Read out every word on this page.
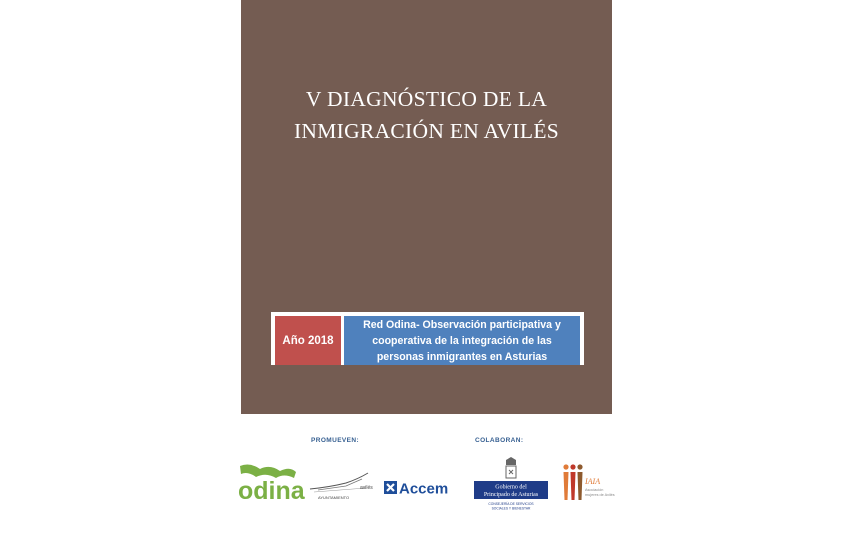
V DIAGNÓSTICO DE LA
INMIGRACIÓN EN AVILÉS
Año 2018
Red Odina- Observación participativa y
cooperativa de la integración de las
personas inmigrantes en Asturias
PROMUEVEN:	COLABORAN:
odina	avilés
AYUNTAMIENTO	Accem	Gobierno del
Principado de Asturias
CONSEJERÍA DE SERVICIOS
SOCIALES Y BIENESTAR
IAIA
Asociación
mujeres de Avilés
